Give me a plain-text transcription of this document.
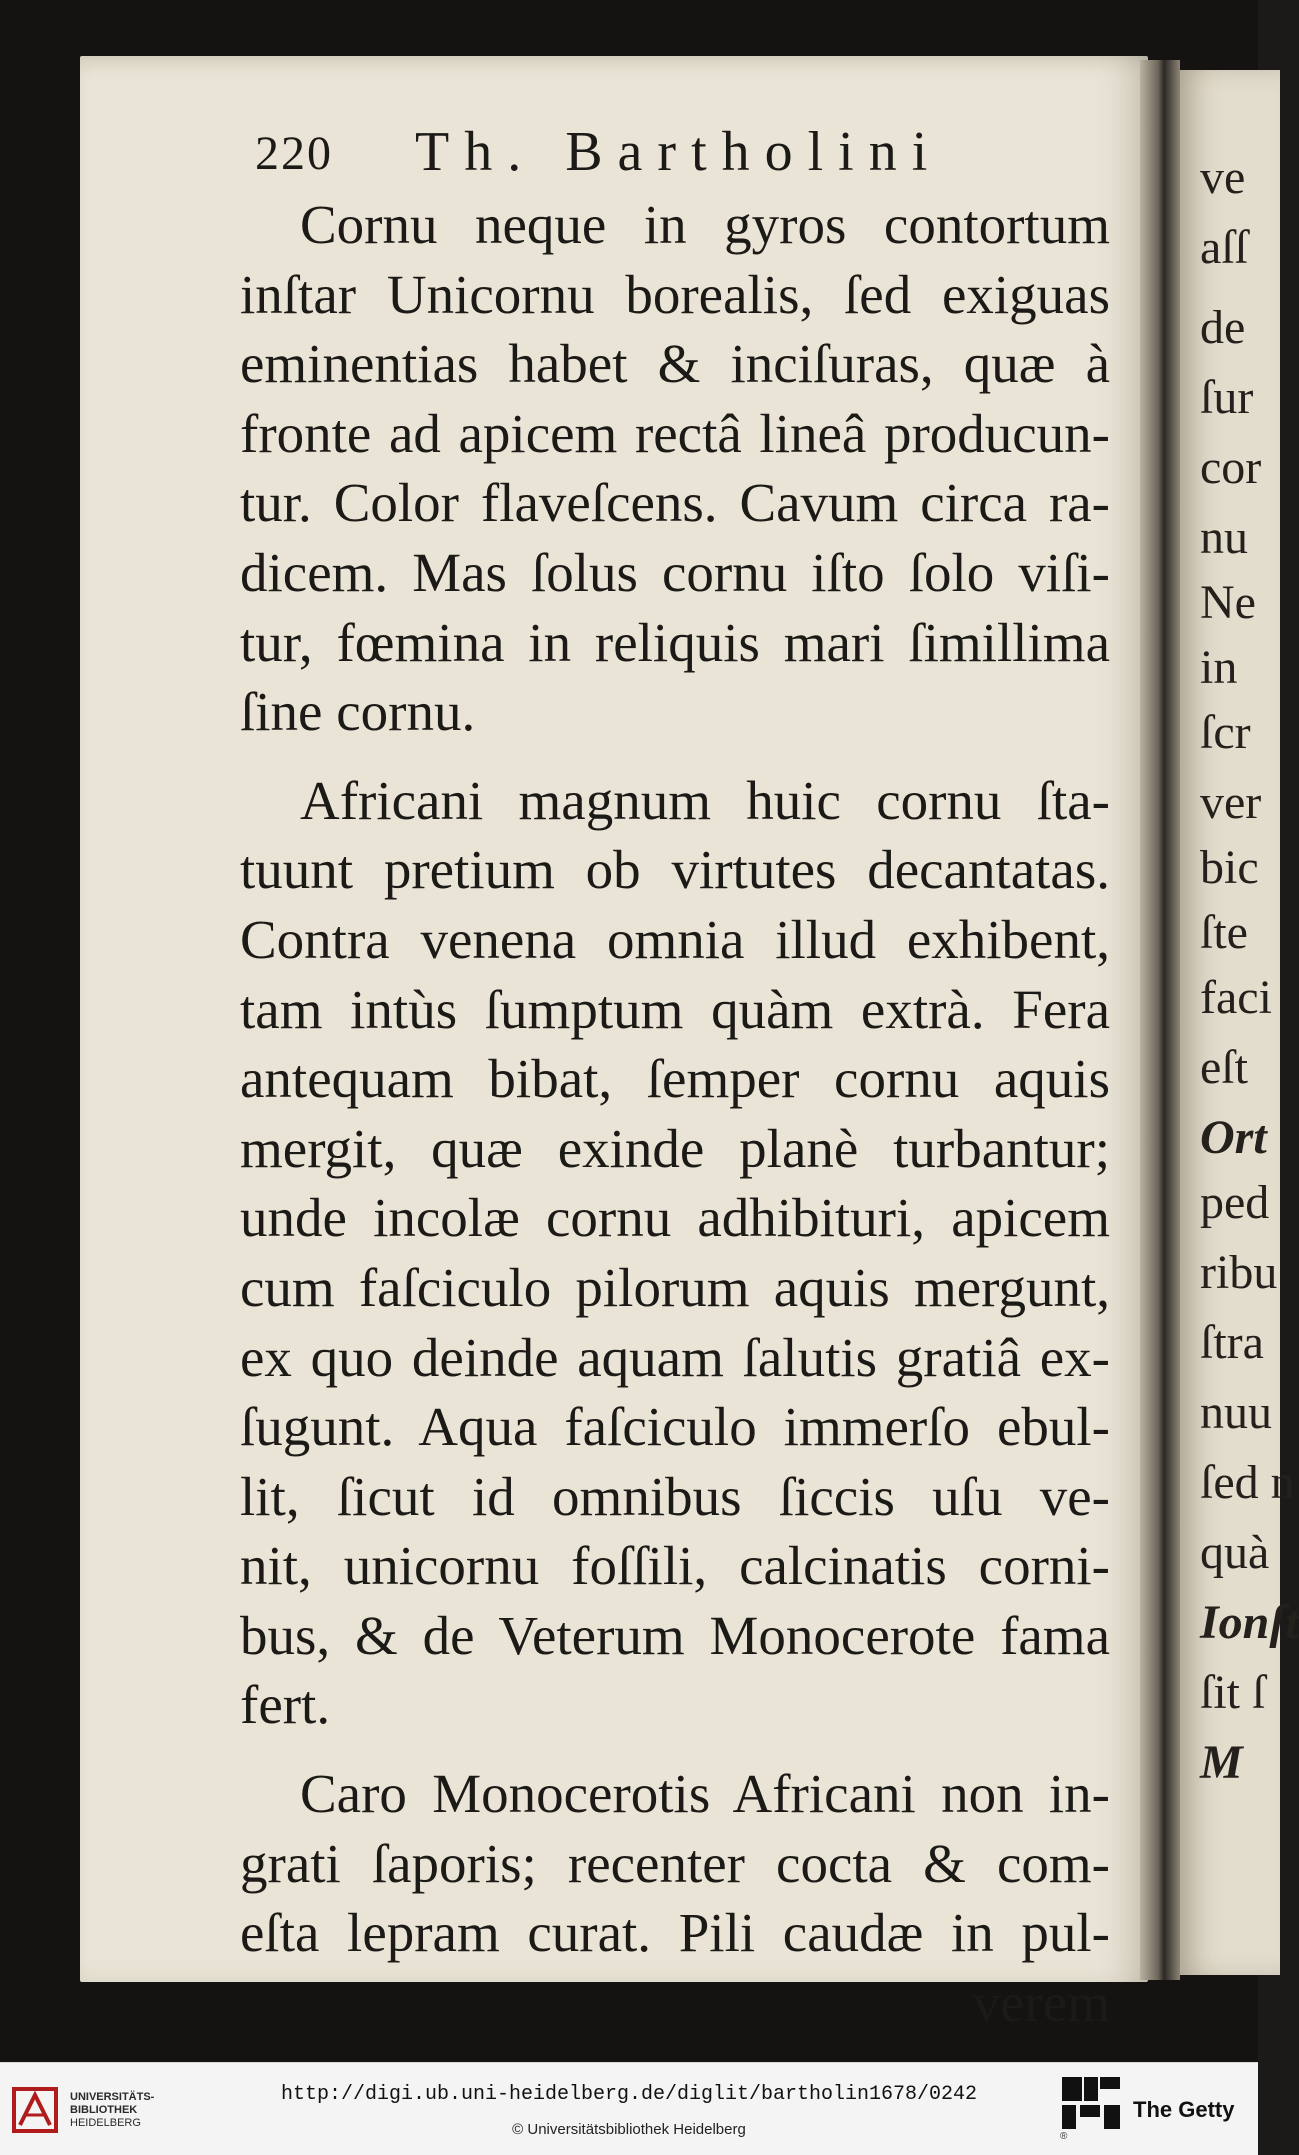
220 Th. Bartholini
Cornu neque in gyros contortum
inſtar Unicornu borealis, ſed exiguas
eminentias habet & inciſuras, quæ à
fronte ad apicem rectâ lineâ producun-
tur. Color flaveſcens. Cavum circa ra-
dicem. Mas ſolus cornu iſto ſolo viſi-
tur, fœmina in reliquis mari ſimillima
ſine cornu.
Africani magnum huic cornu ſta-
tuunt pretium ob virtutes decantatas.
Contra venena omnia illud exhibent,
tam intùs ſumptum quàm extrà. Fera
antequam bibat, ſemper cornu aquis
mergit, quæ exinde planè turbantur;
unde incolæ cornu adhibituri, apicem
cum faſciculo pilorum aquis mergunt,
ex quo deinde aquam ſalutis gratiâ ex-
ſugunt. Aqua faſciculo immerſo ebul-
lit, ſicut id omnibus ſiccis uſu ve-
nit, unicornu foſſili, calcinatis corni-
bus, & de Veterum Monocerote fama
fert.
Caro Monocerotis Africani non in-
grati ſaporis; recenter cocta & com-
eſta lepram curat. Pili caudæ in pul-
verem
ve
aſſ
de
ſur
cor
nu
Ne
in
ſcr
ver
bic
ſte
faci
eſt
Ort
ped
ribu
ſtra
nuu
ſed n
quà
Ionſt
ſit ſ
M
UNIVERSITÄTS-
BIBLIOTHEK
HEIDELBERG
http://digi.ub.uni-heidelberg.de/diglit/bartholin1678/0242
© Universitätsbibliothek Heidelberg
The Getty
®
